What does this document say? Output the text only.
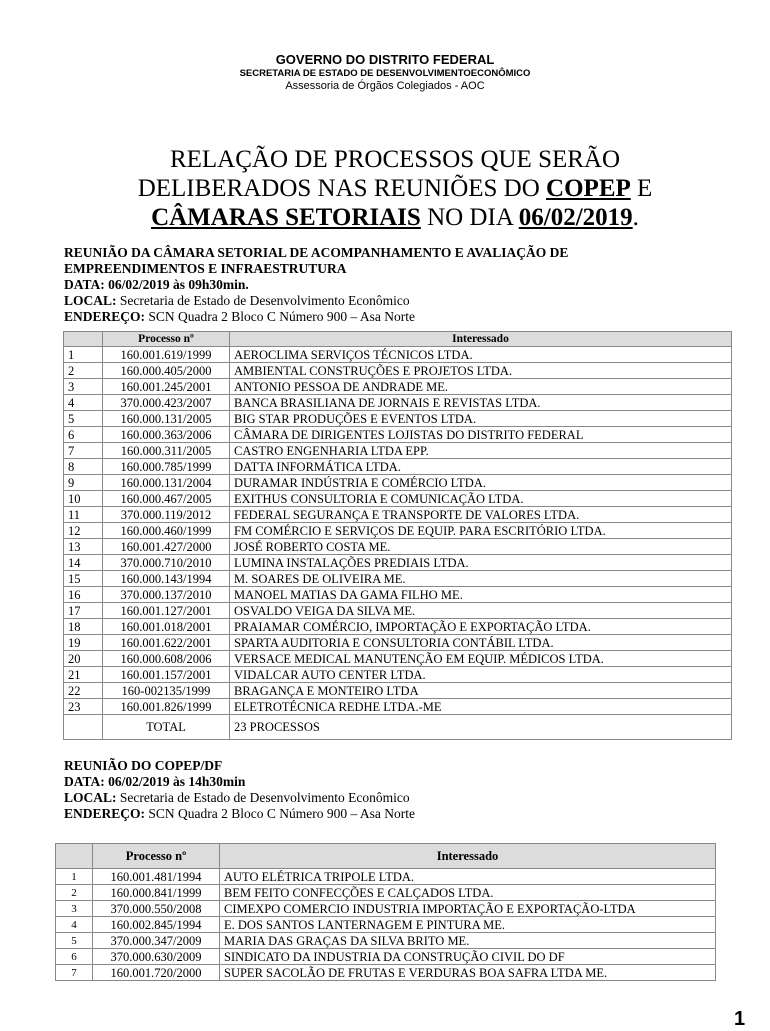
GOVERNO DO DISTRITO FEDERAL
SECRETARIA DE ESTADO DE DESENVOLVIMENTOECONÔMICO
Assessoria de Órgãos Colegiados - AOC
RELAÇÃO DE PROCESSOS QUE SERÃO
DELIBERADOS NAS REUNIÕES DO COPEP E
CÂMARAS SETORIAIS NO DIA 06/02/2019.
REUNIÃO DA CÂMARA SETORIAL DE ACOMPANHAMENTO E AVALIAÇÃO DE
EMPREENDIMENTOS E INFRAESTRUTURA
DATA: 06/02/2019 às 09h30min.
LOCAL: Secretaria de Estado de Desenvolvimento Econômico
ENDEREÇO: SCN Quadra 2 Bloco C Número 900 – Asa Norte
	Processo nº	Interessado
1	160.001.619/1999	AEROCLIMA SERVIÇOS TÉCNICOS LTDA.
2	160.000.405/2000	AMBIENTAL CONSTRUÇÕES E PROJETOS LTDA.
3	160.001.245/2001	ANTONIO PESSOA DE ANDRADE ME.
4	370.000.423/2007	BANCA BRASILIANA DE JORNAIS E REVISTAS LTDA.
5	160.000.131/2005	BIG STAR PRODUÇÕES E EVENTOS LTDA.
6	160.000.363/2006	CÂMARA DE DIRIGENTES LOJISTAS DO DISTRITO FEDERAL
7	160.000.311/2005	CASTRO ENGENHARIA LTDA EPP.
8	160.000.785/1999	DATTA INFORMÁTICA LTDA.
9	160.000.131/2004	DURAMAR INDÚSTRIA E COMÉRCIO LTDA.
10	160.000.467/2005	EXITHUS CONSULTORIA E COMUNICAÇÃO LTDA.
11	370.000.119/2012	FEDERAL SEGURANÇA E TRANSPORTE DE VALORES LTDA.
12	160.000.460/1999	FM COMÉRCIO E SERVIÇOS DE EQUIP. PARA ESCRITÓRIO LTDA.
13	160.001.427/2000	JOSÉ ROBERTO COSTA ME.
14	370.000.710/2010	LUMINA INSTALAÇÕES PREDIAIS LTDA.
15	160.000.143/1994	M. SOARES DE OLIVEIRA ME.
16	370.000.137/2010	MANOEL MATIAS DA GAMA FILHO ME.
17	160.001.127/2001	OSVALDO VEIGA DA SILVA ME.
18	160.001.018/2001	PRAIAMAR COMÉRCIO, IMPORTAÇÃO E EXPORTAÇÃO LTDA.
19	160.001.622/2001	SPARTA AUDITORIA E CONSULTORIA CONTÁBIL LTDA.
20	160.000.608/2006	VERSACE MEDICAL MANUTENÇÃO EM EQUIP. MÉDICOS LTDA.
21	160.001.157/2001	VIDALCAR AUTO CENTER LTDA.
22	160-002135/1999	BRAGANÇA E MONTEIRO LTDA
23	160.001.826/1999	ELETROTÉCNICA REDHE LTDA.-ME
	TOTAL	23 PROCESSOS
REUNIÃO DO COPEP/DF
DATA: 06/02/2019 às 14h30min
LOCAL: Secretaria de Estado de Desenvolvimento Econômico
ENDEREÇO: SCN Quadra 2 Bloco C Número 900 – Asa Norte
	Processo nº	Interessado
1	160.001.481/1994	AUTO ELÉTRICA TRIPOLE LTDA.
2	160.000.841/1999	BEM FEITO CONFECÇÕES E CALÇADOS LTDA.
3	370.000.550/2008	CIMEXPO COMERCIO INDUSTRIA IMPORTAÇÃO E EXPORTAÇÃO-LTDA
4	160.002.845/1994	E. DOS SANTOS LANTERNAGEM E PINTURA ME.
5	370.000.347/2009	MARIA DAS GRAÇAS DA SILVA BRITO ME.
6	370.000.630/2009	SINDICATO DA INDUSTRIA DA CONSTRUÇÃO CIVIL DO DF
7	160.001.720/2000	SUPER SACOLÃO DE FRUTAS E VERDURAS BOA SAFRA LTDA ME.
1
